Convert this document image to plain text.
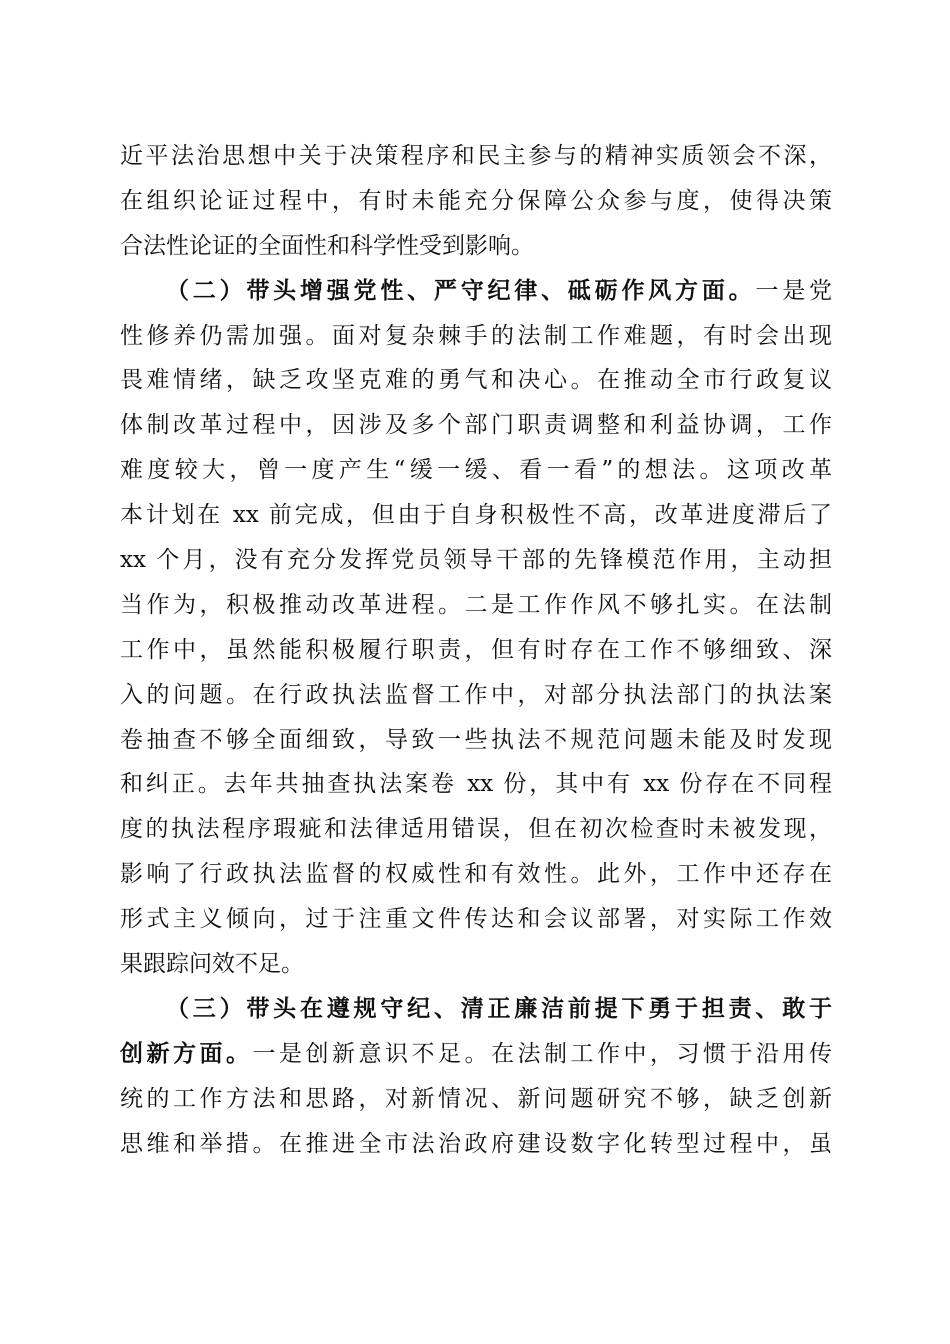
近平法治思想中关于决策程序和民主参与的精神实质领会不深，
在组织论证过程中，有时未能充分保障公众参与度，使得决策
合法性论证的全面性和科学性受到影响。
（二）带头增强党性、严守纪律、砥砺作风方面。一是党
性修养仍需加强。面对复杂棘手的法制工作难题，有时会出现
畏难情绪，缺乏攻坚克难的勇气和决心。在推动全市行政复议
体制改革过程中，因涉及多个部门职责调整和利益协调，工作
难度较大，曾一度产生“缓一缓、看一看”的想法。这项改革
本计划在 xx 前完成，但由于自身积极性不高，改革进度滞后了
xx 个月，没有充分发挥党员领导干部的先锋模范作用，主动担
当作为，积极推动改革进程。二是工作作风不够扎实。在法制
工作中，虽然能积极履行职责，但有时存在工作不够细致、深
入的问题。在行政执法监督工作中，对部分执法部门的执法案
卷抽查不够全面细致，导致一些执法不规范问题未能及时发现
和纠正。去年共抽查执法案卷 xx 份，其中有 xx 份存在不同程
度的执法程序瑕疵和法律适用错误，但在初次检查时未被发现，
影响了行政执法监督的权威性和有效性。此外，工作中还存在
形式主义倾向，过于注重文件传达和会议部署，对实际工作效
果跟踪问效不足。
（三）带头在遵规守纪、清正廉洁前提下勇于担责、敢于
创新方面。一是创新意识不足。在法制工作中，习惯于沿用传
统的工作方法和思路，对新情况、新问题研究不够，缺乏创新
思维和举措。在推进全市法治政府建设数字化转型过程中，虽
